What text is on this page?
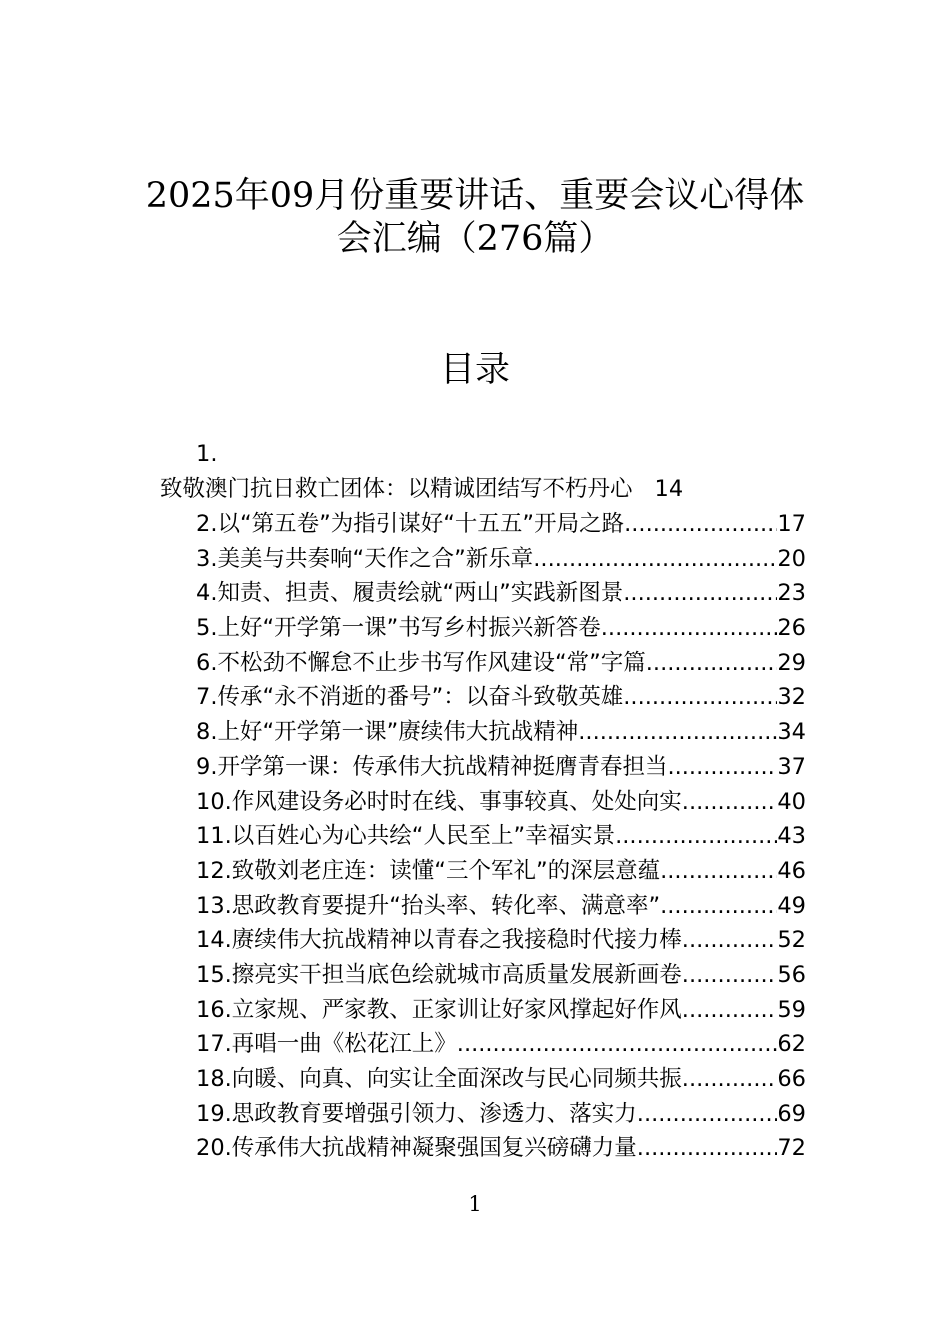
2025年09月份重要讲话、重要会议心得体
会汇编（276篇）
目录
1.
致敬澳门抗日救亡团体：以精诚团结写不朽丹心 14
2.以“第五卷”为指引谋好“十五五”开局之路 .....	17
3.美美与共奏响“天作之合”新乐章 .....	20
4.知责、担责、履责绘就“两山”实践新图景 .....	23
5.上好“开学第一课”书写乡村振兴新答卷 .....	26
6.不松劲不懈怠不止步书写作风建设“常”字篇 .....	29
7.传承“永不消逝的番号”：以奋斗致敬英雄 .....	32
8.上好“开学第一课”赓续伟大抗战精神 .....	34
9.开学第一课：传承伟大抗战精神挺膺青春担当 .....	37
10.作风建设务必时时在线、事事较真、处处向实 .....	40
11.以百姓心为心共绘“人民至上”幸福实景 .....	43
12.致敬刘老庄连：读懂“三个军礼”的深层意蕴 .....	46
13.思政教育要提升“抬头率、转化率、满意率” .....	49
14.赓续伟大抗战精神以青春之我接稳时代接力棒 .....	52
15.擦亮实干担当底色绘就城市高质量发展新画卷 .....	56
16.立家规、严家教、正家训让好家风撑起好作风 .....	59
17.再唱一曲《松花江上》 .....	62
18.向暖、向真、向实让全面深改与民心同频共振 .....	66
19.思政教育要增强引领力、渗透力、落实力 .....	69
20.传承伟大抗战精神凝聚强国复兴磅礴力量 .....	72
1
